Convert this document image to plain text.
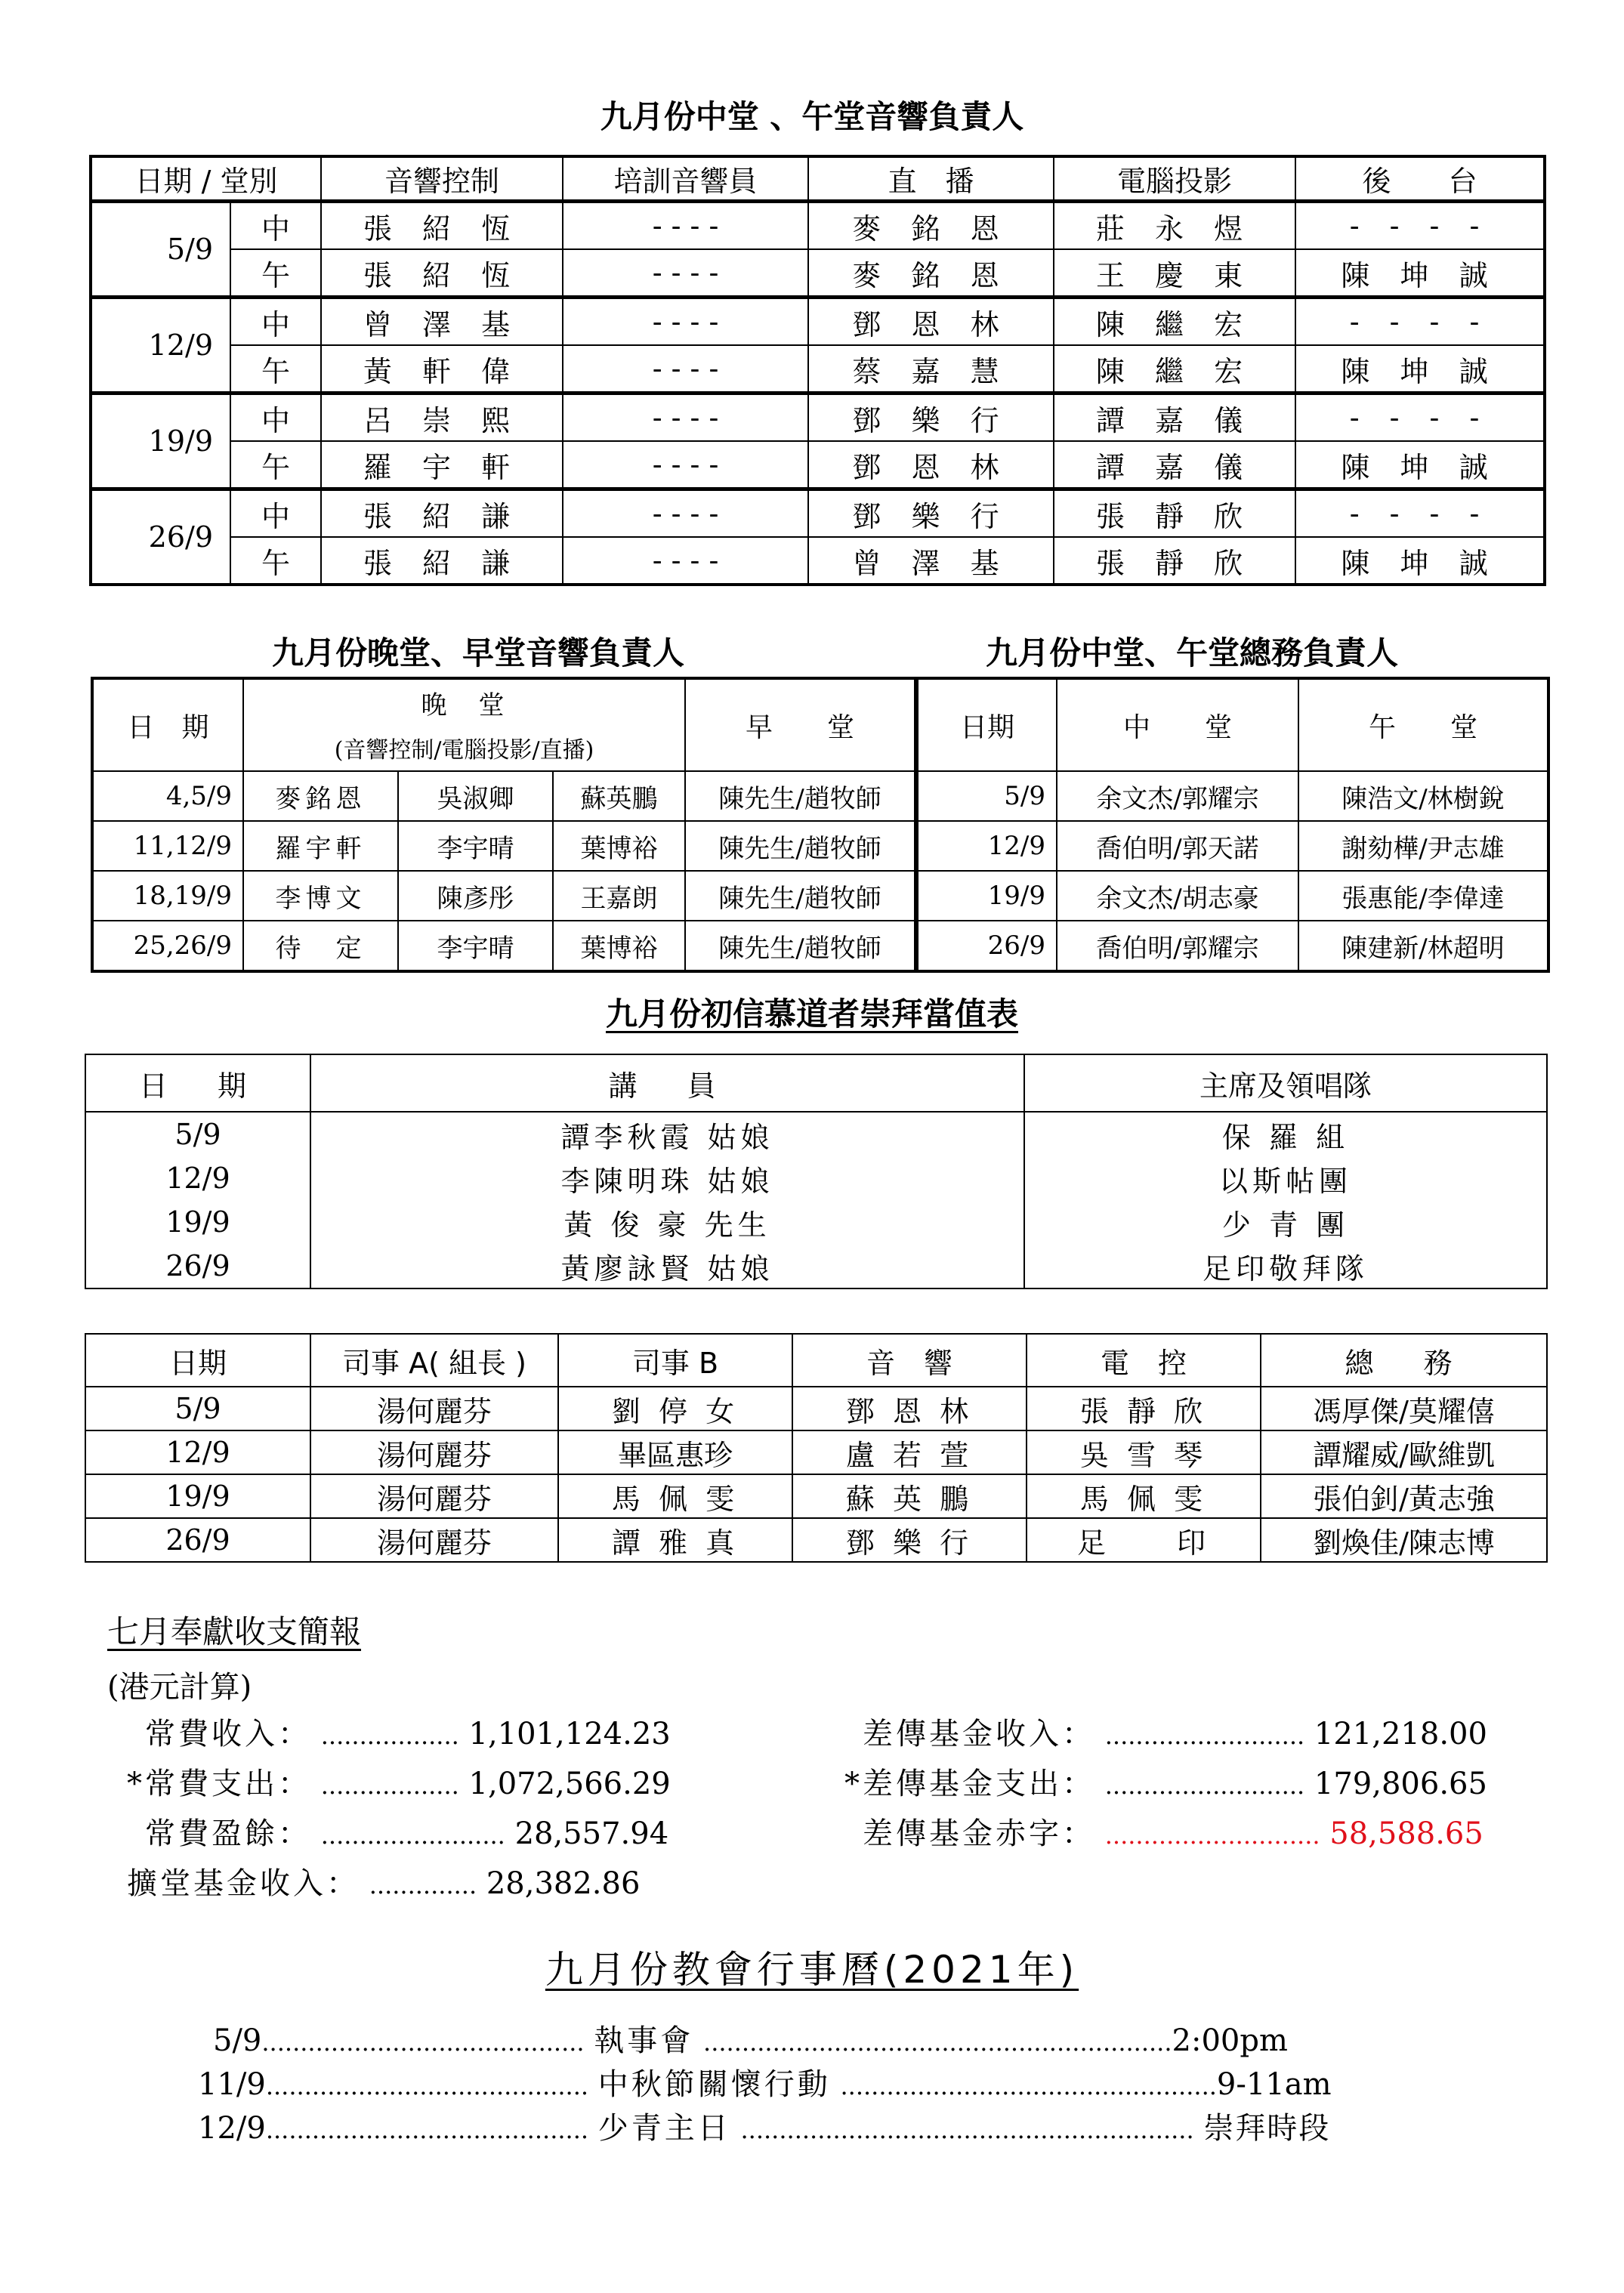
九月份中堂 、午堂音響負責人
日期 / 堂別		音響控制	培訓音響員	直　播	電腦投影	後　　台
5/9	中	張 紹 恆	- - - -	麥 銘 恩	莊 永 煜	- - - -
	午	張 紹 恆	- - - -	麥 銘 恩	王 慶 東	陳 坤 誠
12/9	中	曾 澤 基	- - - -	鄧 恩 林	陳 繼 宏	- - - -
	午	黃 軒 偉	- - - -	蔡 嘉 慧	陳 繼 宏	陳 坤 誠
19/9	中	呂 崇 熙	- - - -	鄧 樂 行	譚 嘉 儀	- - - -
	午	羅 宇 軒	- - - -	鄧 恩 林	譚 嘉 儀	陳 坤 誠
26/9	中	張 紹 謙	- - - -	鄧 樂 行	張 靜 欣	- - - -
	午	張 紹 謙	- - - -	曾 澤 基	張 靜 欣	陳 坤 誠
九月份晚堂、早堂音響負責人	九月份中堂、午堂總務負責人
日　期	晚　堂			早　　堂
	(音響控制/電腦投影/直播)			
4,5/9	麥銘恩	吳淑卿	蘇英鵬	陳先生/趙牧師
11,12/9	羅宇軒	李宇晴	葉博裕	陳先生/趙牧師
18,19/9	李博文	陳彥彤	王嘉朗	陳先生/趙牧師
25,26/9	待　定	李宇晴	葉博裕	陳先生/趙牧師
日期	中　　堂	午　　堂
5/9	余文杰/郭耀宗	陳浩文/林樹銳
12/9	喬伯明/郭天諾	謝劾樺/尹志雄
19/9	余文杰/胡志豪	張惠能/李偉達
26/9	喬伯明/郭耀宗	陳建新/林超明
九月份初信慕道者崇拜當值表
日　期	講　員	主席及領唱隊
5/9	譚李秋霞 姑娘	保 羅 組
12/9	李陳明珠 姑娘	以斯帖團
19/9	黃 俊 豪 先生	少 青 團
26/9	黃廖詠賢 姑娘	足印敬拜隊
日期	司事 A( 組長 )	司事 B	音　響	電　控	總　務
5/9	湯何麗芬	劉 停 女	鄧 恩 林	張 靜 欣	馮厚傑/莫耀僖
12/9	湯何麗芬	畢區惠珍	盧 若 萱	吳 雪 琴	譚耀威/歐維凱
19/9	湯何麗芬	馬 佩 雯	蘇 英 鵬	馬 佩 雯	張伯釗/黃志強
26/9	湯何麗芬	譚 雅 真	鄧 樂 行	足　　印	劉煥佳/陳志博
七月奉獻收支簡報
(港元計算)
常費收入： .................. 1,101,124.23
*常費支出： .................. 1,072,566.29
常費盈餘： ........................ 28,557.94
擴堂基金收入： .............. 28,382.86
差傳基金收入： .......................... 121,218.00
*差傳基金支出： .......................... 179,806.65
差傳基金赤字： ............................ 58,588.65
九月份教會行事曆(2021年)
5/9.......................................... 執事會 .............................................................2:00pm
11/9.......................................... 中秋節關懷行動 .................................................9-11am
12/9.......................................... 少青主日 ........................................................... 崇拜時段
